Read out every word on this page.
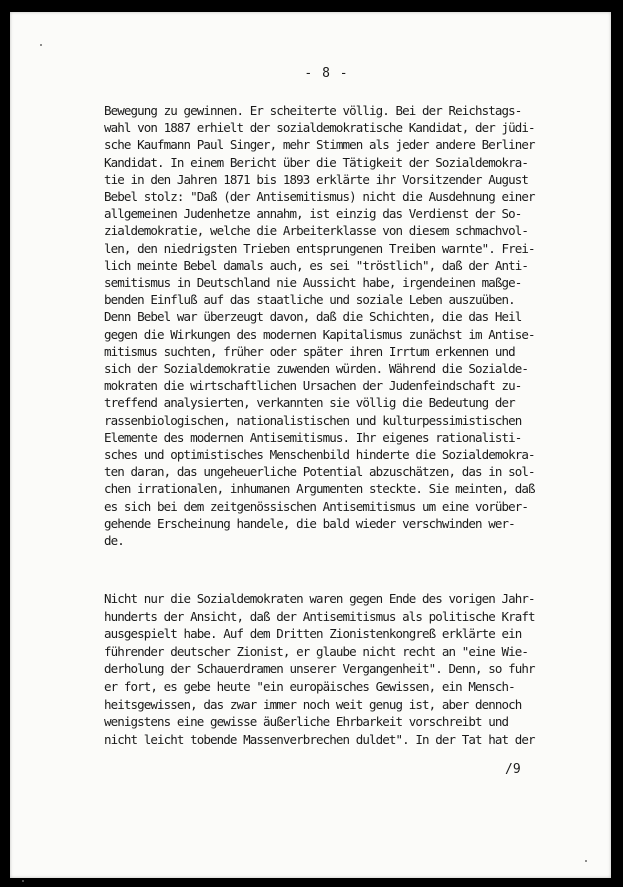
- 8 -
Bewegung zu gewinnen. Er scheiterte völlig. Bei der Reichstags-
wahl von 1887 erhielt der sozialdemokratische Kandidat, der jüdi-
sche Kaufmann Paul Singer, mehr Stimmen als jeder andere Berliner
Kandidat. In einem Bericht über die Tätigkeit der Sozialdemokra-
tie in den Jahren 1871 bis 1893 erklärte ihr Vorsitzender August
Bebel stolz: "Daß (der Antisemitismus) nicht die Ausdehnung einer
allgemeinen Judenhetze annahm, ist einzig das Verdienst der So-
zialdemokratie, welche die Arbeiterklasse von diesem schmachvol-
len, den niedrigsten Trieben entsprungenen Treiben warnte". Frei-
lich meinte Bebel damals auch, es sei "tröstlich", daß der Anti-
semitismus in Deutschland nie Aussicht habe, irgendeinen maßge-
benden Einfluß auf das staatliche und soziale Leben auszuüben.
Denn Bebel war überzeugt davon, daß die Schichten, die das Heil
gegen die Wirkungen des modernen Kapitalismus zunächst im Antise-
mitismus suchten, früher oder später ihren Irrtum erkennen und
sich der Sozialdemokratie zuwenden würden. Während die Sozialde-
mokraten die wirtschaftlichen Ursachen der Judenfeindschaft zu-
treffend analysierten, verkannten sie völlig die Bedeutung der
rassenbiologischen, nationalistischen und kulturpessimistischen
Elemente des modernen Antisemitismus. Ihr eigenes rationalisti-
sches und optimistisches Menschenbild hinderte die Sozialdemokra-
ten daran, das ungeheuerliche Potential abzuschätzen, das in sol-
chen irrationalen, inhumanen Argumenten steckte. Sie meinten, daß
es sich bei dem zeitgenössischen Antisemitismus um eine vorüber-
gehende Erscheinung handele, die bald wieder verschwinden wer-
de.
Nicht nur die Sozialdemokraten waren gegen Ende des vorigen Jahr-
hunderts der Ansicht, daß der Antisemitismus als politische Kraft
ausgespielt habe. Auf dem Dritten Zionistenkongreß erklärte ein
führender deutscher Zionist, er glaube nicht recht an "eine Wie-
derholung der Schauerdramen unserer Vergangenheit". Denn, so fuhr
er fort, es gebe heute "ein europäisches Gewissen, ein Mensch-
heitsgewissen, das zwar immer noch weit genug ist, aber dennoch
wenigstens eine gewisse äußerliche Ehrbarkeit vorschreibt und
nicht leicht tobende Massenverbrechen duldet". In der Tat hat der
/9
